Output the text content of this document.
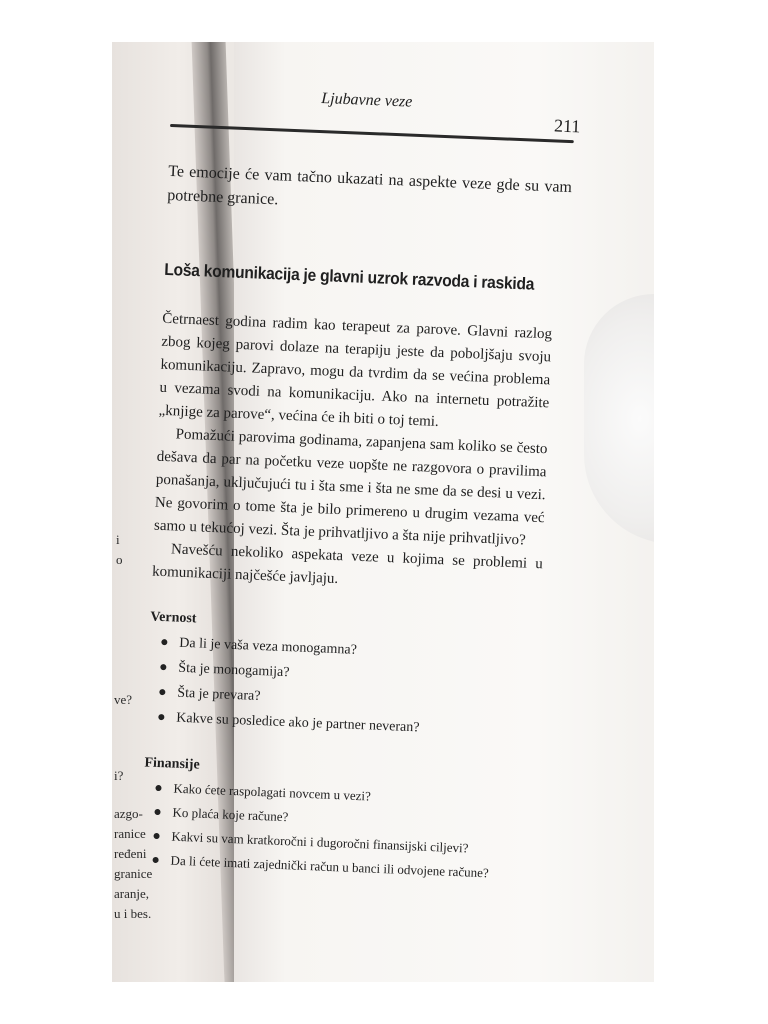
i
o
ve?
i?
azgo-
ranice
ređeni
granice
aranje,
u i bes.
Ljubavne veze
211

Te emocije će vam tačno ukazati na aspekte veze gde su vam potrebne granice.

Loša komunikacija je glavni uzrok razvoda i raskida

Četrnaest godina radim kao terapeut za parove. Glavni razlog zbog kojeg parovi dolaze na terapiju jeste da poboljšaju svoju komunikaciju. Zapravo, mogu da tvrdim da se većina problema u vezama svodi na komunikaciju. Ako na internetu potražite „knjige za parove“, većina će ih biti o toj temi.

Pomažući parovima godinama, zapanjena sam koliko se često dešava da par na početku veze uopšte ne razgovora o pravilima ponašanja, uključujući tu i šta sme i šta ne sme da se desi u vezi. Ne govorim o tome šta je bilo primereno u drugim vezama već samo u tekućoj vezi. Šta je prihvatljivo a šta nije prihvatljivo?

Navešću nekoliko aspekata veze u kojima se problemi u komunikaciji najčešće javljaju.

Vernost
Da li je vaša veza monogamna?
Šta je monogamija?
Šta je prevara?
Kakve su posledice ako je partner neveran?
Finansije
Kako ćete raspolagati novcem u vezi?
Ko plaća koje račune?
Kakvi su vam kratkoročni i dugoročni finansijski ciljevi?
Da li ćete imati zajednički račun u banci ili odvojene račune?
